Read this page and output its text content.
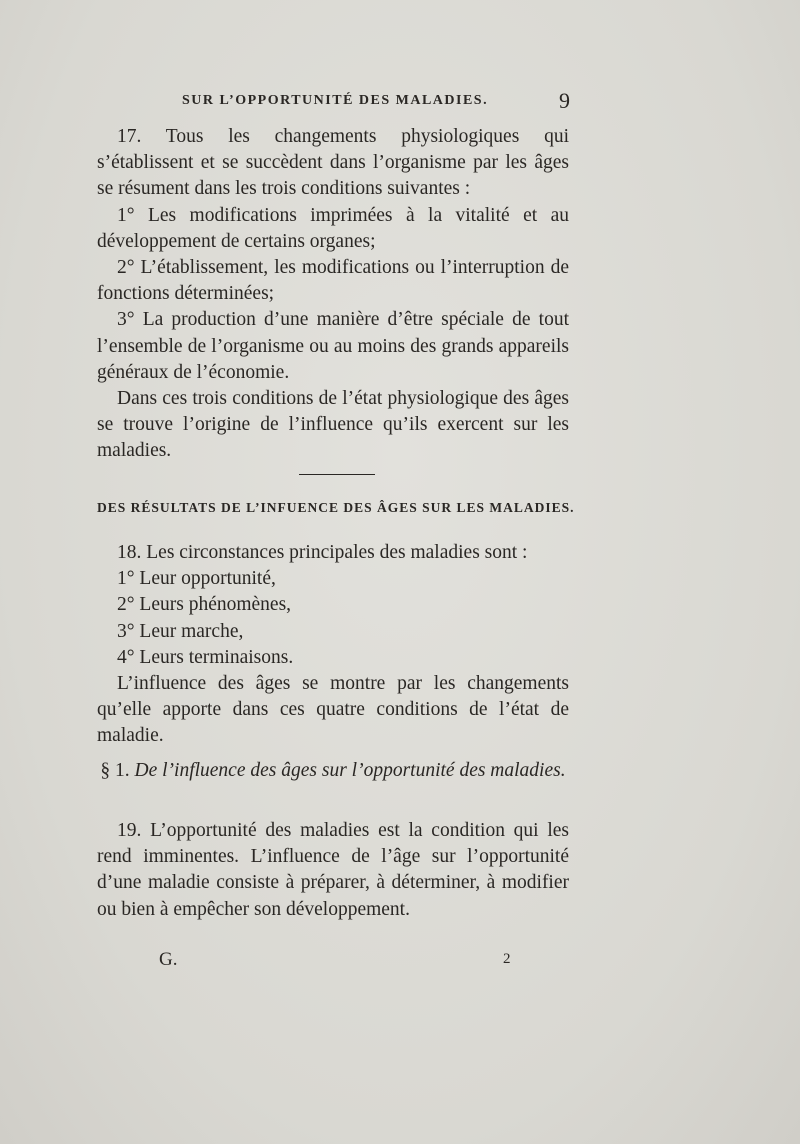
SUR L’OPPORTUNITÉ DES MALADIES.	9

17. Tous les changements physiologiques qui s’établissent et se succèdent dans l’organisme par les âges se résument dans les trois conditions suivantes :

1° Les modifications imprimées à la vitalité et au développement de certains organes;

2° L’établissement, les modifications ou l’interruption de fonctions déterminées;

3° La production d’une manière d’être spéciale de tout l’ensemble de l’organisme ou au moins des grands appareils généraux de l’économie.

Dans ces trois conditions de l’état physiologique des âges se trouve l’origine de l’influence qu’ils exercent sur les maladies.

DES RÉSULTATS DE L’INFUENCE DES ÂGES SUR LES MALADIES.

18. Les circonstances principales des maladies sont :

1° Leur opportunité,

2° Leurs phénomènes,

3° Leur marche,

4° Leurs terminaisons.

L’influence des âges se montre par les changements qu’elle apporte dans ces quatre conditions de l’état de maladie.

§ 1. De l’influence des âges sur l’opportunité des maladies.

19. L’opportunité des maladies est la condition qui les rend imminentes. L’influence de l’âge sur l’opportunité d’une maladie consiste à préparer, à déterminer, à modifier ou bien à empêcher son développement.

G.	2
